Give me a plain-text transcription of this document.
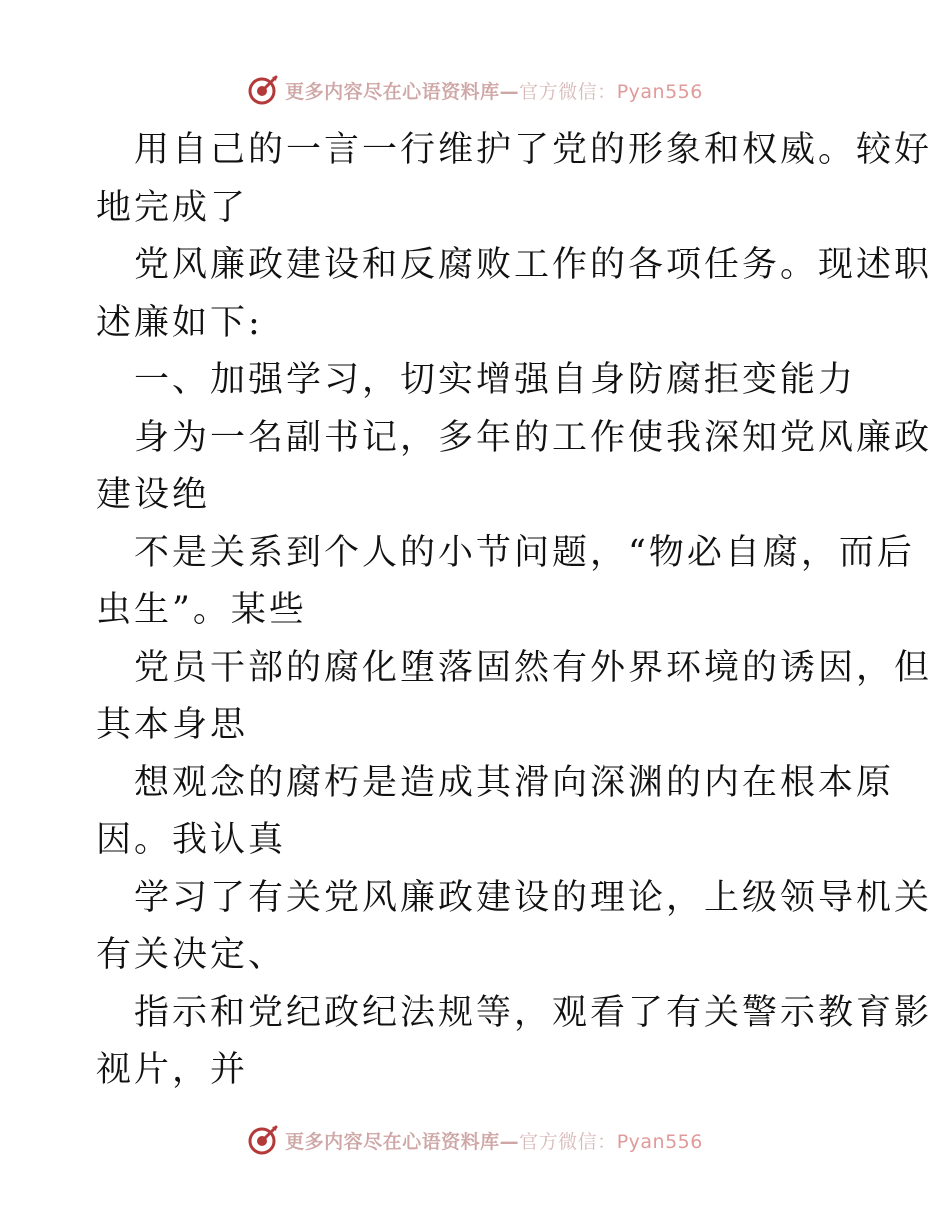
更多内容尽在心语资料库—官方微信：Pyan556
用自己的一言一行维护了党的形象和权威。较好
地完成了
党风廉政建设和反腐败工作的各项任务。现述职
述廉如下:
一、加强学习，切实增强自身防腐拒变能力
身为一名副书记，多年的工作使我深知党风廉政
建设绝
不是关系到个人的小节问题，“物必自腐，而后
虫生”。某些
党员干部的腐化堕落固然有外界环境的诱因，但
其本身思
想观念的腐朽是造成其滑向深渊的内在根本原
因。我认真
学习了有关党风廉政建设的理论，上级领导机关
有关决定、
指示和党纪政纪法规等，观看了有关警示教育影
视片，并
更多内容尽在心语资料库—官方微信：Pyan556
